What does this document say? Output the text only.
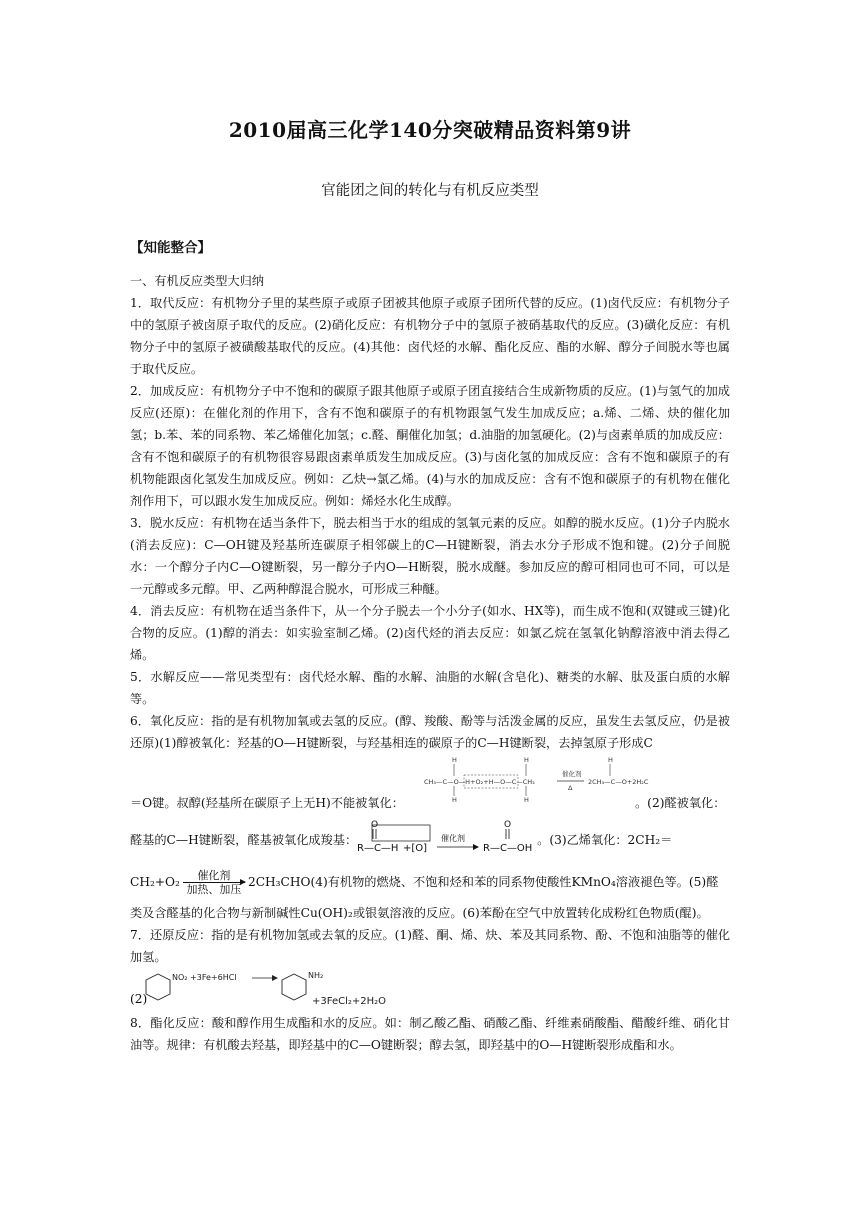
2010届高三化学140分突破精品资料第9讲
官能团之间的转化与有机反应类型
【知能整合】

一、有机反应类型大归纳

1．取代反应：有机物分子里的某些原子或原子团被其他原子或原子团所代替的反应。(1)卤代反应：有机物分子中的氢原子被卤原子取代的反应。(2)硝化反应：有机物分子中的氢原子被硝基取代的反应。(3)磺化反应：有机物分子中的氢原子被磺酸基取代的反应。(4)其他：卤代烃的水解、酯化反应、酯的水解、醇分子间脱水等也属于取代反应。

2．加成反应：有机物分子中不饱和的碳原子跟其他原子或原子团直接结合生成新物质的反应。(1)与氢气的加成反应(还原)：在催化剂的作用下，含有不饱和碳原子的有机物跟氢气发生加成反应；a.烯、二烯、炔的催化加氢；b.苯、苯的同系物、苯乙烯催化加氢；c.醛、酮催化加氢；d.油脂的加氢硬化。(2)与卤素单质的加成反应：含有不饱和碳原子的有机物很容易跟卤素单质发生加成反应。(3)与卤化氢的加成反应：含有不饱和碳原子的有机物能跟卤化氢发生加成反应。例如：乙炔→氯乙烯。(4)与水的加成反应：含有不饱和碳原子的有机物在催化剂作用下，可以跟水发生加成反应。例如：烯烃水化生成醇。

3．脱水反应：有机物在适当条件下，脱去相当于水的组成的氢氧元素的反应。如醇的脱水反应。(1)分子内脱水(消去反应)：C—OH键及羟基所连碳原子相邻碳上的C—H键断裂，消去水分子形成不饱和键。(2)分子间脱水：一个醇分子内C—O键断裂，另一醇分子内O—H断裂，脱水成醚。参加反应的醇可相同也可不同，可以是一元醇或多元醇。甲、乙两种醇混合脱水，可形成三种醚。

4．消去反应：有机物在适当条件下，从一个分子脱去一个小分子(如水、HX等)，而生成不饱和(双键或三键)化合物的反应。(1)醇的消去：如实验室制乙烯。(2)卤代烃的消去反应：如氯乙烷在氢氧化钠醇溶液中消去得乙烯。

5．水解反应——常见类型有：卤代烃水解、酯的水解、油脂的水解(含皂化)、糖类的水解、肽及蛋白质的水解等。

6．氧化反应：指的是有机物加氧或去氢的反应。(醇、羧酸、酚等与活泼金属的反应，虽发生去氢反应，仍是被还原)(1)醇被氧化：羟基的O—H键断裂，与羟基相连的碳原子的C—H键断裂，去掉氢原子形成C

＝O键。叔醇(羟基所在碳原子上无H)不能被氧化：
H	H
H	H
H
CH₃—C—O—H+O₂+H—O—C—CH₃
催化剂
Δ
2CH₃—C—O+2H₂C
。(2)醛被氧化：
醛基的C—H键断裂，醛基被氧化成羧基：
O
R—C—H +[O]
催化剂
O
R—C—OH
。(3)乙烯氧化：2CH₂＝
CH₂+O₂ 催化剂
加热、加压 2CH₃CHO(4)有机物的燃烧、不饱和烃和苯的同系物使酸性KMnO₄溶液褪色等。(5)醛

类及含醛基的化合物与新制碱性Cu(OH)₂或银氨溶液的反应。(6)苯酚在空气中放置转化成粉红色物质(醌)。

7．还原反应：指的是有机物加氢或去氧的反应。(1)醛、酮、烯、炔、苯及其同系物、酚、不饱和油脂等的催化加氢。

(2)
NO₂ +3Fe+6HCl	NH₂
+3FeCl₂+2H₂O

8．酯化反应：酸和醇作用生成酯和水的反应。如：制乙酸乙酯、硝酸乙酯、纤维素硝酸酯、醋酸纤维、硝化甘油等。规律：有机酸去羟基，即羟基中的C—O键断裂；醇去氢，即羟基中的O—H键断裂形成酯和水。
